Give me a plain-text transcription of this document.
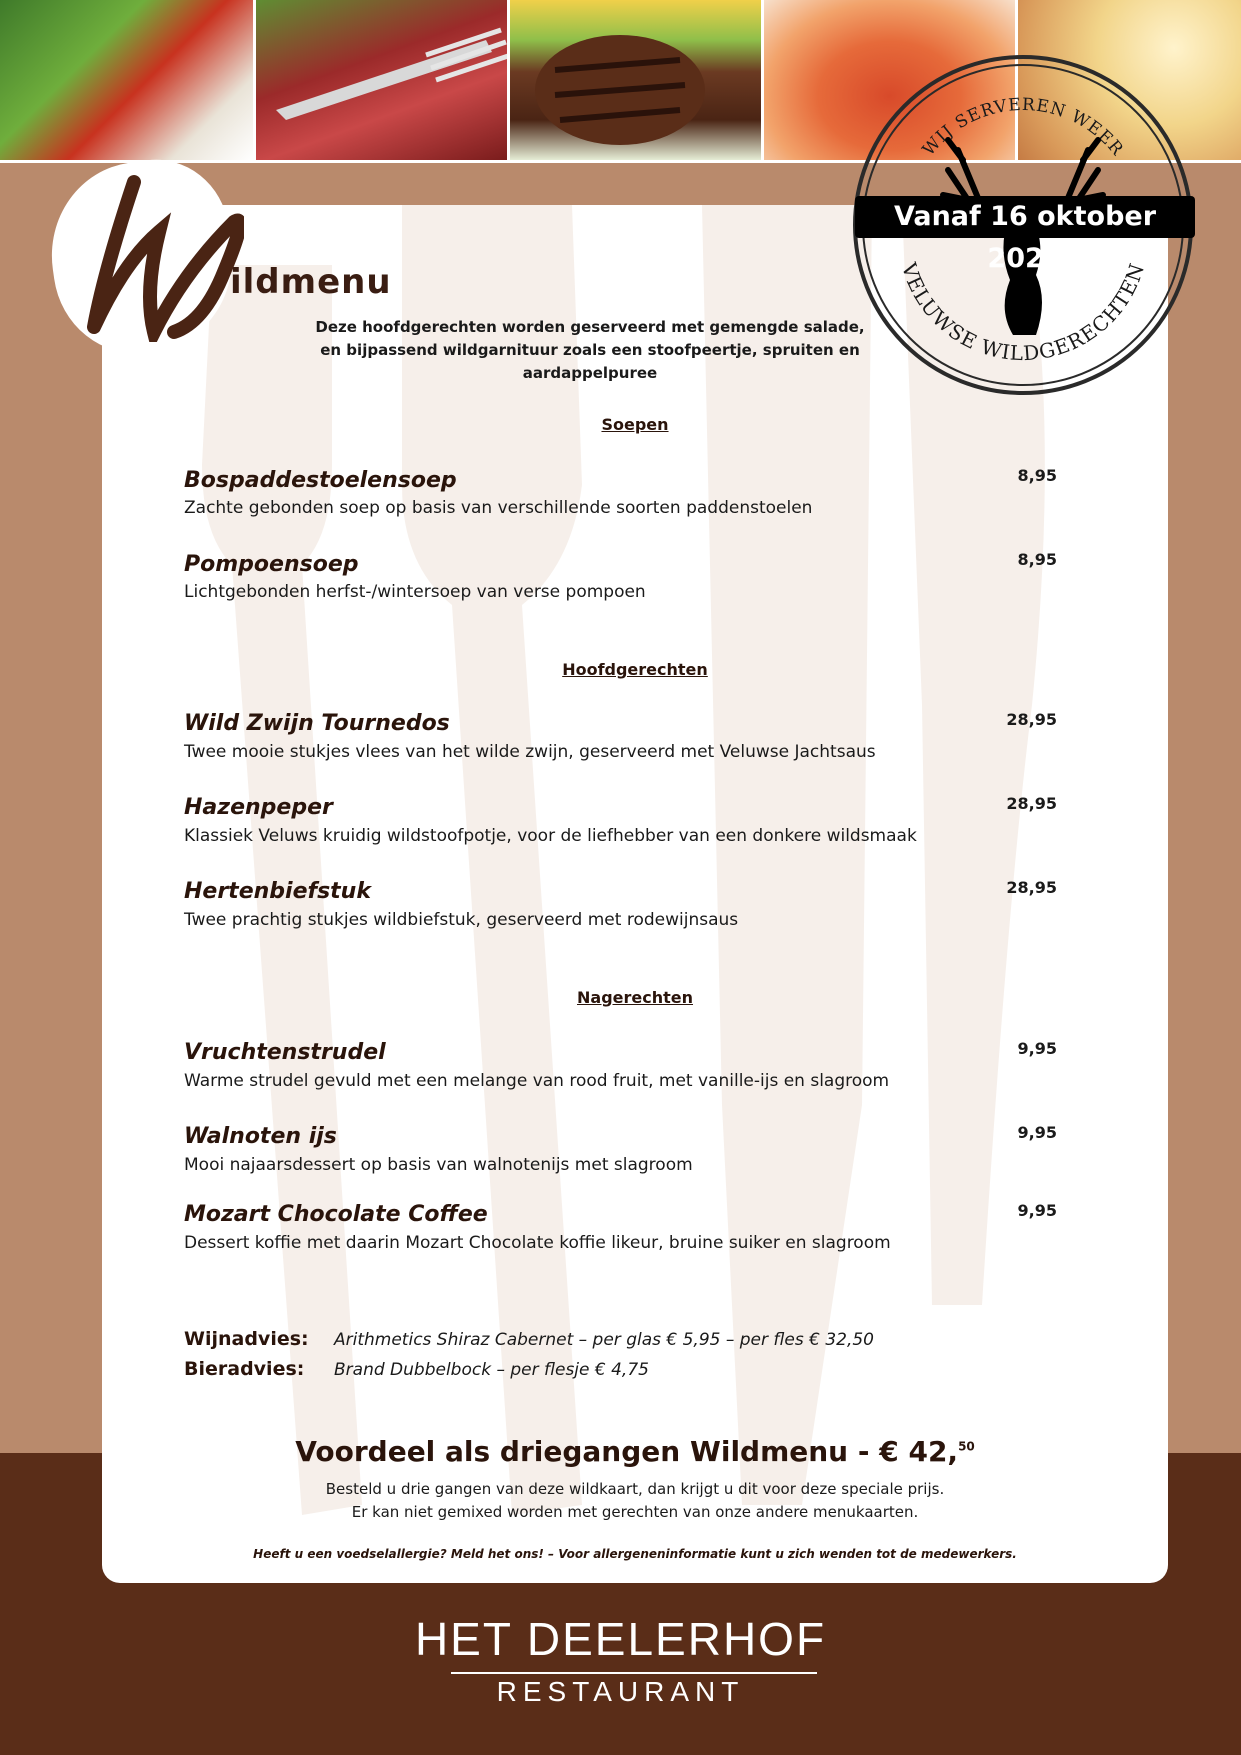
ildmenu
Deze hoofdgerechten worden geserveerd met gemengde salade,
en bijpassend wildgarnituur zoals een stoofpeertje, spruiten en aardappelpuree
WIJ SERVEREN WEER
VELUWSE WILDGERECHTEN
Vanaf 16 oktober 2025
Soepen
Bospaddestoelensoep	8,95
Zachte gebonden soep op basis van verschillende soorten paddenstoelen
Pompoensoep	8,95
Lichtgebonden herfst-/wintersoep van verse pompoen
Hoofdgerechten
Wild Zwijn Tournedos	28,95
Twee mooie stukjes vlees van het wilde zwijn, geserveerd met Veluwse Jachtsaus
Hazenpeper	28,95
Klassiek Veluws kruidig wildstoofpotje, voor de liefhebber van een donkere wildsmaak
Hertenbiefstuk	28,95
Twee prachtig stukjes wildbiefstuk, geserveerd met rodewijnsaus
Nagerechten
Vruchtenstrudel	9,95
Warme strudel gevuld met een melange van rood fruit, met vanille-ijs en slagroom
Walnoten ijs	9,95
Mooi najaarsdessert op basis van walnotenijs met slagroom
Mozart Chocolate Coffee	9,95
Dessert koffie met daarin Mozart Chocolate koffie likeur, bruine suiker en slagroom
Wijnadvies: Arithmetics Shiraz Cabernet – per glas € 5,95 – per fles € 32,50
Bieradvies: Brand Dubbelbock – per flesje € 4,75
Voordeel als driegangen Wildmenu - € 42,50
Besteld u drie gangen van deze wildkaart, dan krijgt u dit voor deze speciale prijs.
Er kan niet gemixed worden met gerechten van onze andere menukaarten.
Heeft u een voedselallergie? Meld het ons! – Voor allergeneninformatie kunt u zich wenden tot de medewerkers.
HET DEELERHOF
RESTAURANT
